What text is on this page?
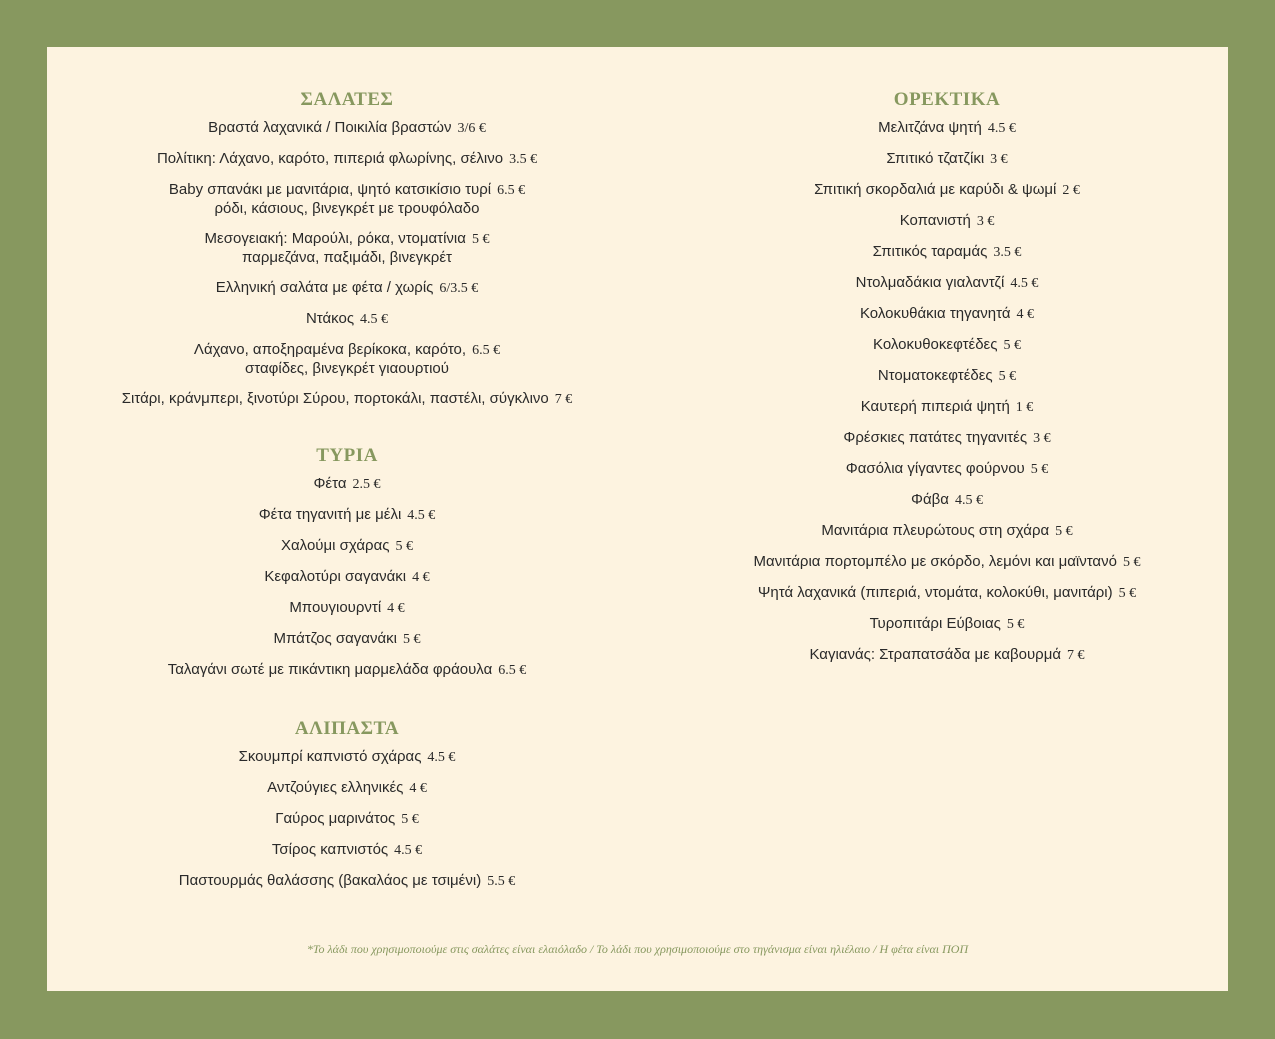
ΣΑΛΑΤΕΣ
Βραστά λαχανικά / Ποικιλία βραστών 3/6 €
Πολίτικη: Λάχανο, καρότο, πιπεριά φλωρίνης, σέλινο 3.5 €
Baby σπανάκι με μανιτάρια, ψητό κατσικίσιο τυρί 6.5 €
ρόδι, κάσιους, βινεγκρέτ με τρουφόλαδο
Μεσογειακή: Μαρούλι, ρόκα, ντοματίνια 5 €
παρμεζάνα, παξιμάδι, βινεγκρέτ
Ελληνική σαλάτα με φέτα / χωρίς 6/3.5 €
Ντάκος 4.5 €
Λάχανο, αποξηραμένα βερίκοκα, καρότο, 6.5 €
σταφίδες, βινεγκρέτ γιαουρτιού
Σιτάρι, κράνμπερι, ξινοτύρι Σύρου, πορτοκάλι, παστέλι, σύγκλινο 7 €
ΤΥΡΙΑ
Φέτα 2.5 €
Φέτα τηγανιτή με μέλι 4.5 €
Χαλούμι σχάρας 5 €
Κεφαλοτύρι σαγανάκι 4 €
Μπουγιουρντί 4 €
Μπάτζος σαγανάκι 5 €
Ταλαγάνι σωτέ με πικάντικη μαρμελάδα φράουλα 6.5 €
ΑΛΙΠΑΣΤΑ
Σκουμπρί καπνιστό σχάρας 4.5 €
Αντζούγιες ελληνικές 4 €
Γαύρος μαρινάτος 5 €
Τσίρος καπνιστός 4.5 €
Παστουρμάς θαλάσσης (βακαλάος με τσιμένι) 5.5 €
ΟΡΕΚΤΙΚΑ
Μελιτζάνα ψητή 4.5 €
Σπιτικό τζατζίκι 3 €
Σπιτική σκορδαλιά με καρύδι & ψωμί 2 €
Κοπανιστή 3 €
Σπιτικός ταραμάς 3.5 €
Ντολμαδάκια γιαλαντζί 4.5 €
Κολοκυθάκια τηγανητά 4 €
Κολοκυθοκεφτέδες 5 €
Ντοματοκεφτέδες 5 €
Καυτερή πιπεριά ψητή 1 €
Φρέσκιες πατάτες τηγανιτές 3 €
Φασόλια γίγαντες φούρνου 5 €
Φάβα 4.5 €
Μανιτάρια πλευρώτους στη σχάρα 5 €
Μανιτάρια πορτομπέλο με σκόρδο, λεμόνι και μαϊντανό 5 €
Ψητά λαχανικά (πιπεριά, ντομάτα, κολοκύθι, μανιτάρι) 5 €
Τυροπιτάρι Εύβοιας 5 €
Καγιανάς: Στραπατσάδα με καβουρμά 7 €
*Το λάδι που χρησιμοποιούμε στις σαλάτες είναι ελαιόλαδο / Το λάδι που χρησιμοποιούμε στο τηγάνισμα είναι ηλιέλαιο / Η φέτα είναι ΠΟΠ
